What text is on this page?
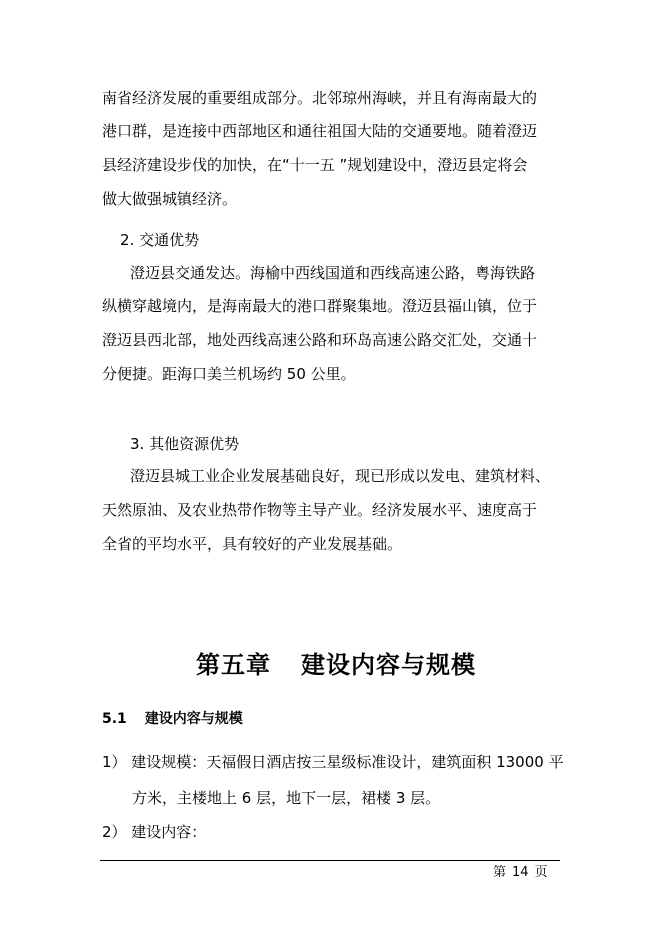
南省经济发展的重要组成部分。北邻琼州海峡，并且有海南最大的
港口群，是连接中西部地区和通往祖国大陆的交通要地。随着澄迈
县经济建设步伐的加快，在“十一五 ”规划建设中，澄迈县定将会
做大做强城镇经济。
2. 交通优势
澄迈县交通发达。海榆中西线国道和西线高速公路，粤海铁路
纵横穿越境内，是海南最大的港口群聚集地。澄迈县福山镇，位于
澄迈县西北部，地处西线高速公路和环岛高速公路交汇处，交通十
分便捷。距海口美兰机场约 50 公里。
3. 其他资源优势
澄迈县城工业企业发展基础良好，现已形成以发电、建筑材料、
天然原油、及农业热带作物等主导产业。经济发展水平、速度高于
全省的平均水平，具有较好的产业发展基础。
第五章 建设内容与规模
5.1 建设内容与规模
1） 建设规模：天福假日酒店按三星级标准设计，建筑面积 13000 平
方米，主楼地上 6 层，地下一层，裙楼 3 层。
2） 建设内容：
第 14 页
